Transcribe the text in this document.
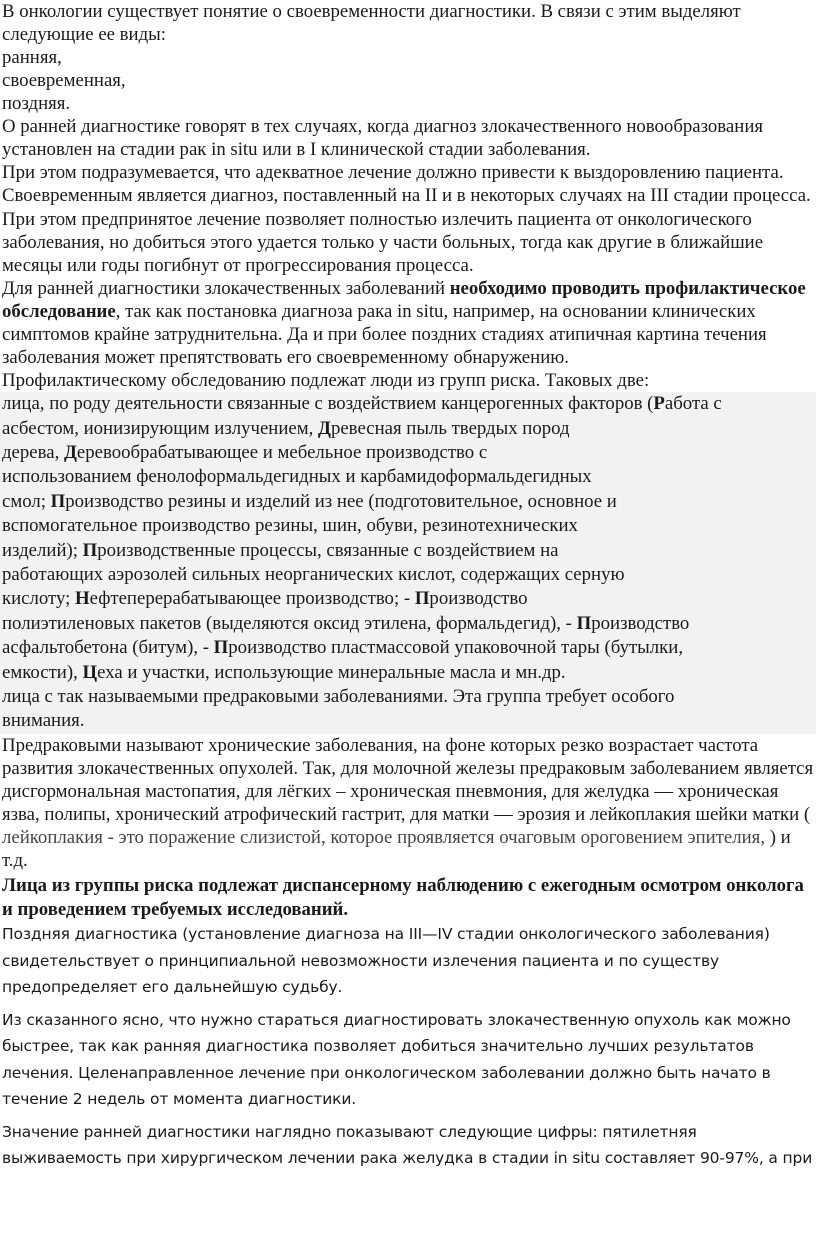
В онкологии существует понятие о своевременности диагностики. В связи с этим выделяют следующие ее виды:

ранняя,

своевременная,

поздняя.

О ранней диагностике говорят в тех случаях, когда диагноз злокачественного новообразования установлен на стадии рак in situ или в I клинической стадии заболевания.

При этом подразумевается, что адекватное лечение должно привести к выздоровлению пациента.

Своевременным является диагноз, поставленный на II и в некоторых случаях на III стадии процесса. При этом предпринятое лечение позволяет полностью излечить пациента от онкологического заболевания, но добиться этого удается только у части больных, тогда как другие в ближайшие месяцы или годы погибнут от прогрессирования процесса.

Для ранней диагностики злокачественных заболеваний необходимо проводить профилактическое обследование, так как постановка диагноза рака in situ, например, на основании клинических симптомов крайне затруднительна. Да и при более поздних стадиях атипичная картина течения заболевания может препятствовать его своевременному обнаружению.

Профилактическому обследованию подлежат люди из групп риска. Таковых две:

лица, по роду деятельности связанные с воздействием канцерогенных факторов (Работа с
асбестом, ионизирующим излучением, Древесная пыль твердых пород
дерева, Деревообрабатывающее и мебельное производство с
использованием фенолоформальдегидных и карбамидоформальдегидных
смол; Производство резины и изделий из нее (подготовительное, основное и
вспомогательное производство резины, шин, обуви, резинотехнических
изделий); Производственные процессы, связанные с воздействием на
работающих аэрозолей сильных неорганических кислот, содержащих серную
кислоту; Нефтеперерабатывающее производство; - Производство
полиэтиленовых пакетов (выделяются оксид этилена, формальдегид), - Производство
асфальтобетона (битум), - Производство пластмассовой упаковочной тары (бутылки,
емкости), Цеха и участки, использующие минеральные масла и мн.др.
лица с так называемыми предраковыми заболеваниями. Эта группа требует особого
внимания.

Предраковыми называют хронические заболевания, на фоне которых резко возрастает частота развития злокачественных опухолей. Так, для молочной железы предраковым заболеванием является дисгормональная мастопатия, для лёгких – хроническая пневмония, для желудка — хроническая язва, полипы, хронический атрофический гастрит, для матки — эрозия и лейкоплакия шейки матки ( лейкоплакия - это поражение слизистой, которое проявляется очаговым ороговением эпителия, ) и т.д.

Лица из группы риска подлежат диспансерному наблюдению с ежегодным осмотром онколога и проведением требуемых исследований.

Поздняя диагностика (установление диагноза на III—IV стадии онкологического заболевания) свидетельствует о принципиальной невозможности излечения пациента и по существу предопределяет его дальнейшую судьбу.

Из сказанного ясно, что нужно стараться диагностировать злокачественную опухоль как можно быстрее, так как ранняя диагностика позволяет добиться значительно лучших результатов лечения. Целенаправленное лечение при онкологическом заболевании должно быть начато в течение 2 недель от момента диагностики.

Значение ранней диагностики наглядно показывают следующие цифры: пятилетняя выживаемость при хирургическом лечении рака желудка в стадии in situ составляет 90-97%, а при
